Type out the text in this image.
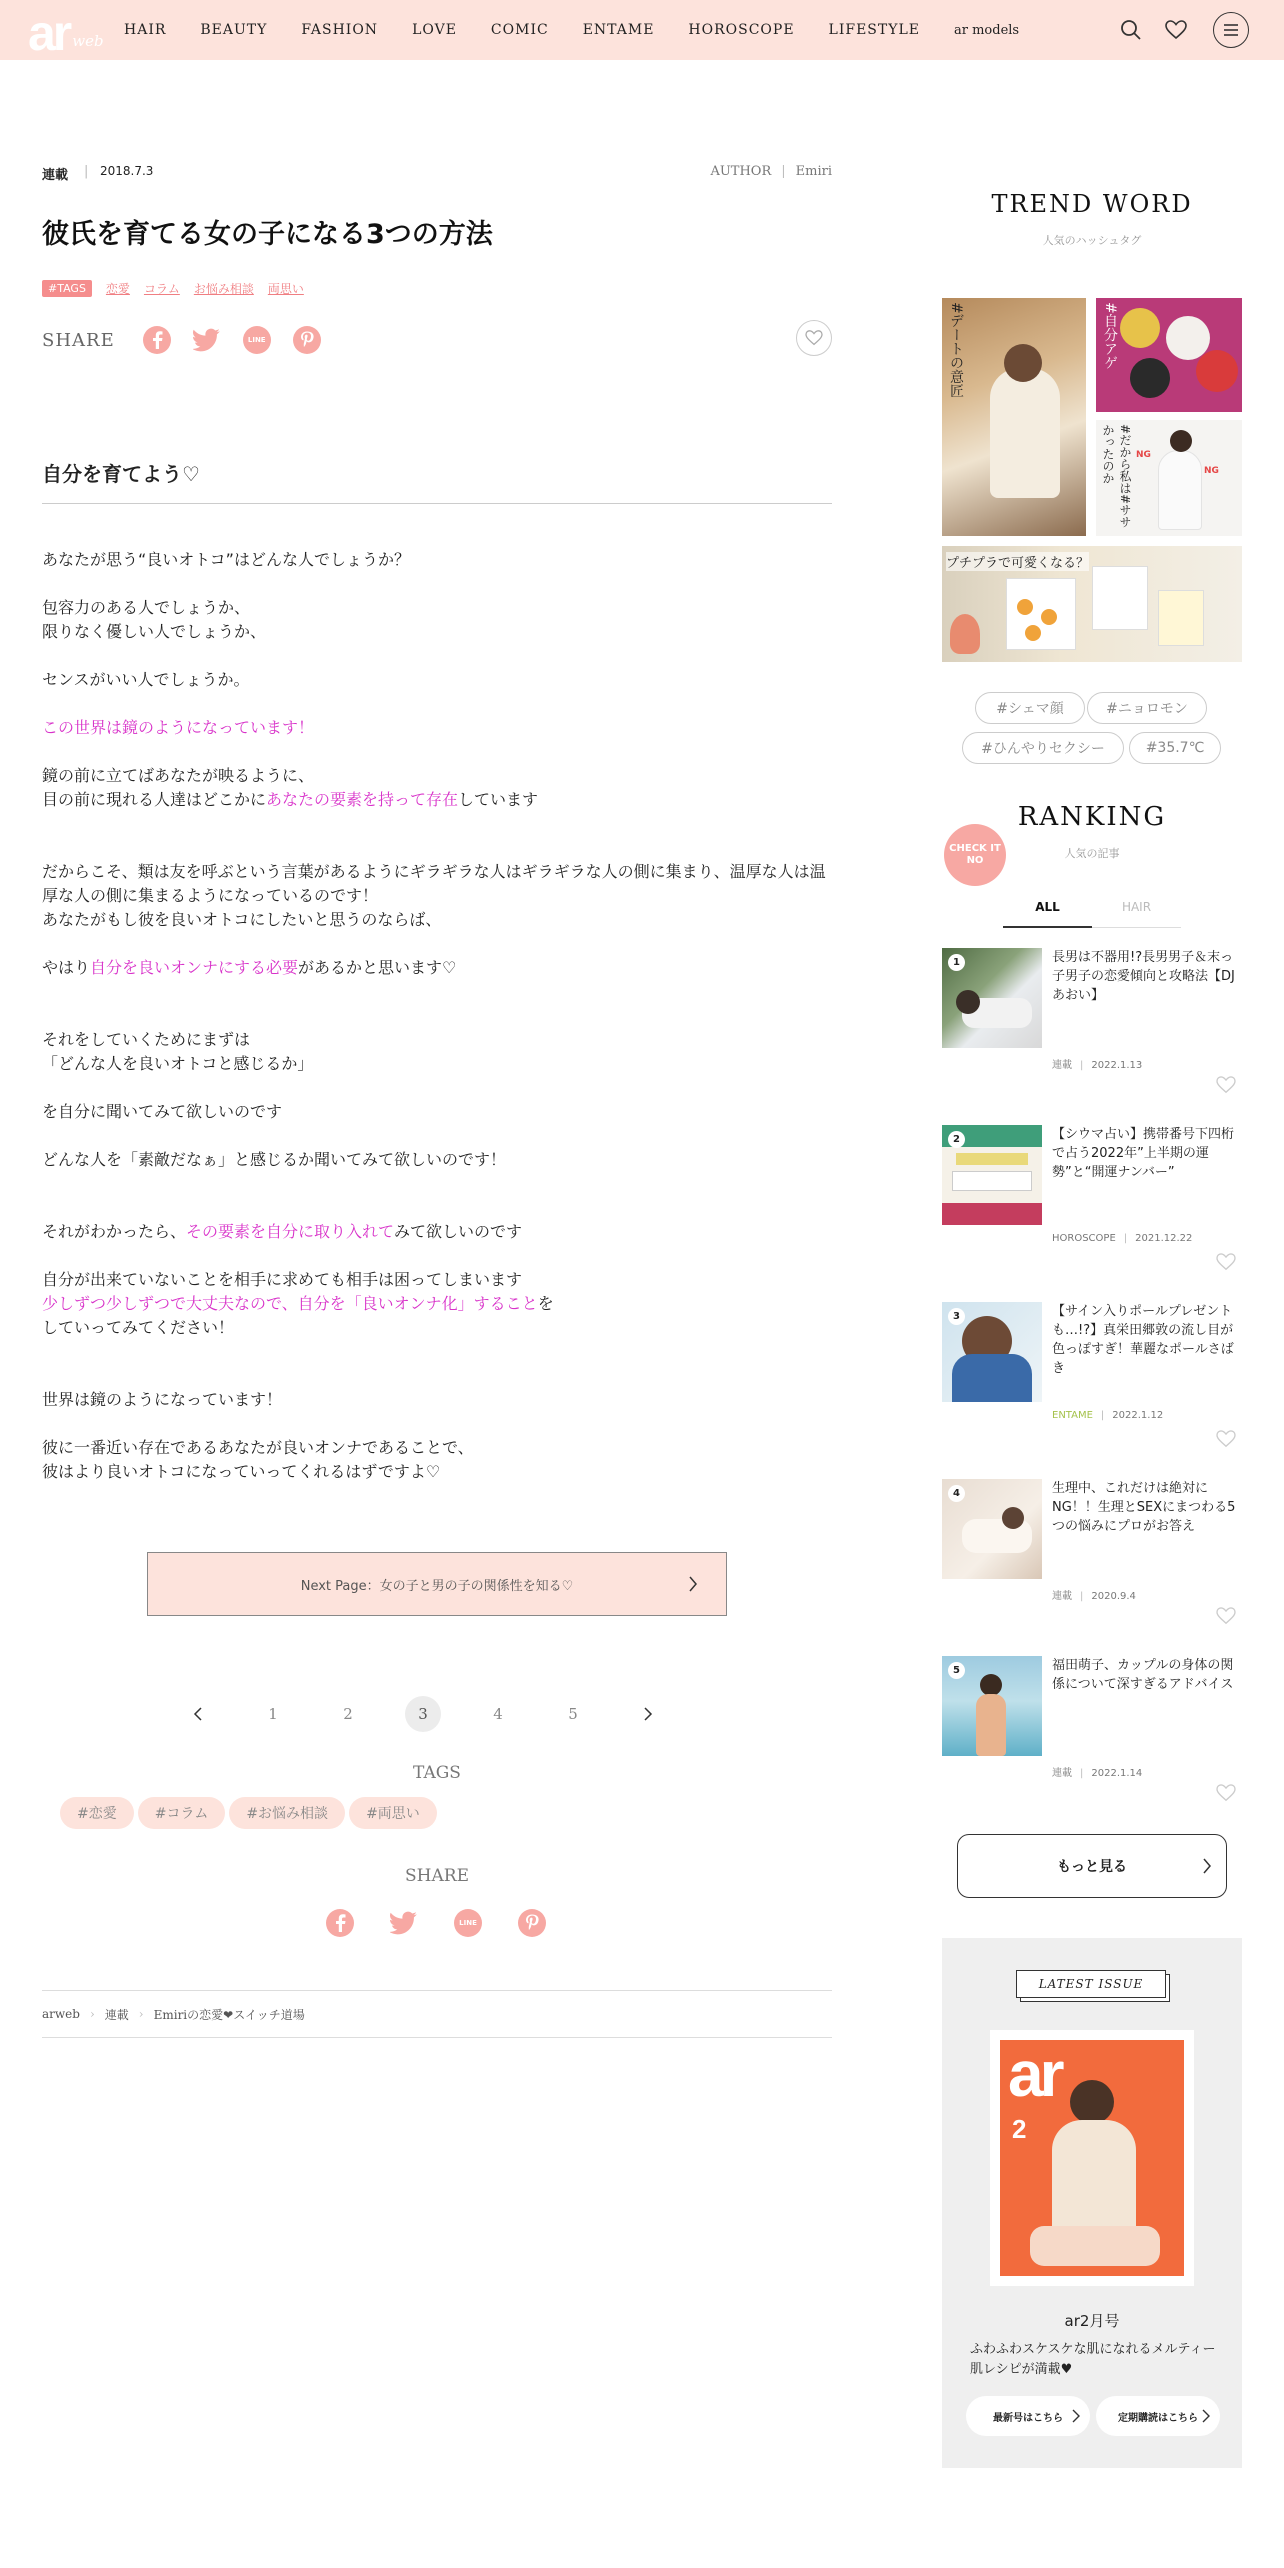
ar web
HAIR BEAUTY FASHION LOVE COMIC ENTAME HOROSCOPE LIFESTYLE	ar models
連載 | 2018.7.3	AUTHOR | Emiri
彼氏を育てる女の子になる3つの方法
#TAGS	恋愛 コラム お悩み相談 両思い
SHARE	LINE
自分を育てよう♡

あなたが思う“良いオトコ”はどんな人でしょうか？

包容力のある人でしょうか、

限りなく優しい人でしょうか、

センスがいい人でしょうか。

この世界は鏡のようになっています！

鏡の前に立てばあなたが映るように、

目の前に現れる人達はどこかにあなたの要素を持って存在しています

だからこそ、類は友を呼ぶという言葉があるようにギラギラな人はギラギラな人の側に集まり、温厚な人は温厚な人の側に集まるようになっているのです！

あなたがもし彼を良いオトコにしたいと思うのならば、

やはり自分を良いオンナにする必要があるかと思います♡

それをしていくためにまずは

「どんな人を良いオトコと感じるか」

を自分に聞いてみて欲しいのです

どんな人を「素敵だなぁ」と感じるか聞いてみて欲しいのです！

それがわかったら、その要素を自分に取り入れてみて欲しいのです

自分が出来ていないことを相手に求めても相手は困ってしまいます

少しずつ少しずつで大丈夫なので、自分を「良いオンナ化」することを

していってみてください！

世界は鏡のようになっています！

彼に一番近い存在であるあなたが良いオンナであることで、

彼はより良いオトコになっていってくれるはずですよ♡

Next Page：女の子と男の子の関係性を知る♡
1	2	3	4	5
TAGS
#恋愛	#コラム	#お悩み相談	#両思い
SHARE
LINE
arweb › 連載 › Emiriの恋愛❤スイッチ道場
TREND WORD
人気のハッシュタグ
#デートの意匠	#自分アゲ
NG
NG
#だから私は#ササかったのか
プチプラで可愛くなる？
#シェマ顔	#ニョロモン
#ひんやりセクシー	#35.7℃
CHECK IT NO
RANKING
人気の記事
ALL	HAIR
1	長男は不器用!?長男男子＆末っ子男子の恋愛傾向と攻略法【DJあおい】
連載 | 2022.1.13
2	【シウマ占い】携帯番号下四桁で占う2022年”上半期の運勢”と“開運ナンバー”
HOROSCOPE | 2021.12.22
3	【サイン入りポールプレゼントも…!?】真栄田郷敦の流し目が色っぽすぎ！華麗なポールさばき
ENTAME | 2022.1.12
4	生理中、これだけは絶対にNG！！生理とSEXにまつわる5つの悩みにプロがお答え
連載 | 2020.9.4
5	福田萌子、カップルの身体の関係について深すぎるアドバイス
連載 | 2022.1.14
もっと見る
LATEST ISSUE
ar
2
ar2月号
ふわふわスケスケな肌になれるメルティー肌レシピが満載♥
最新号はこちら	定期購読はこちら
